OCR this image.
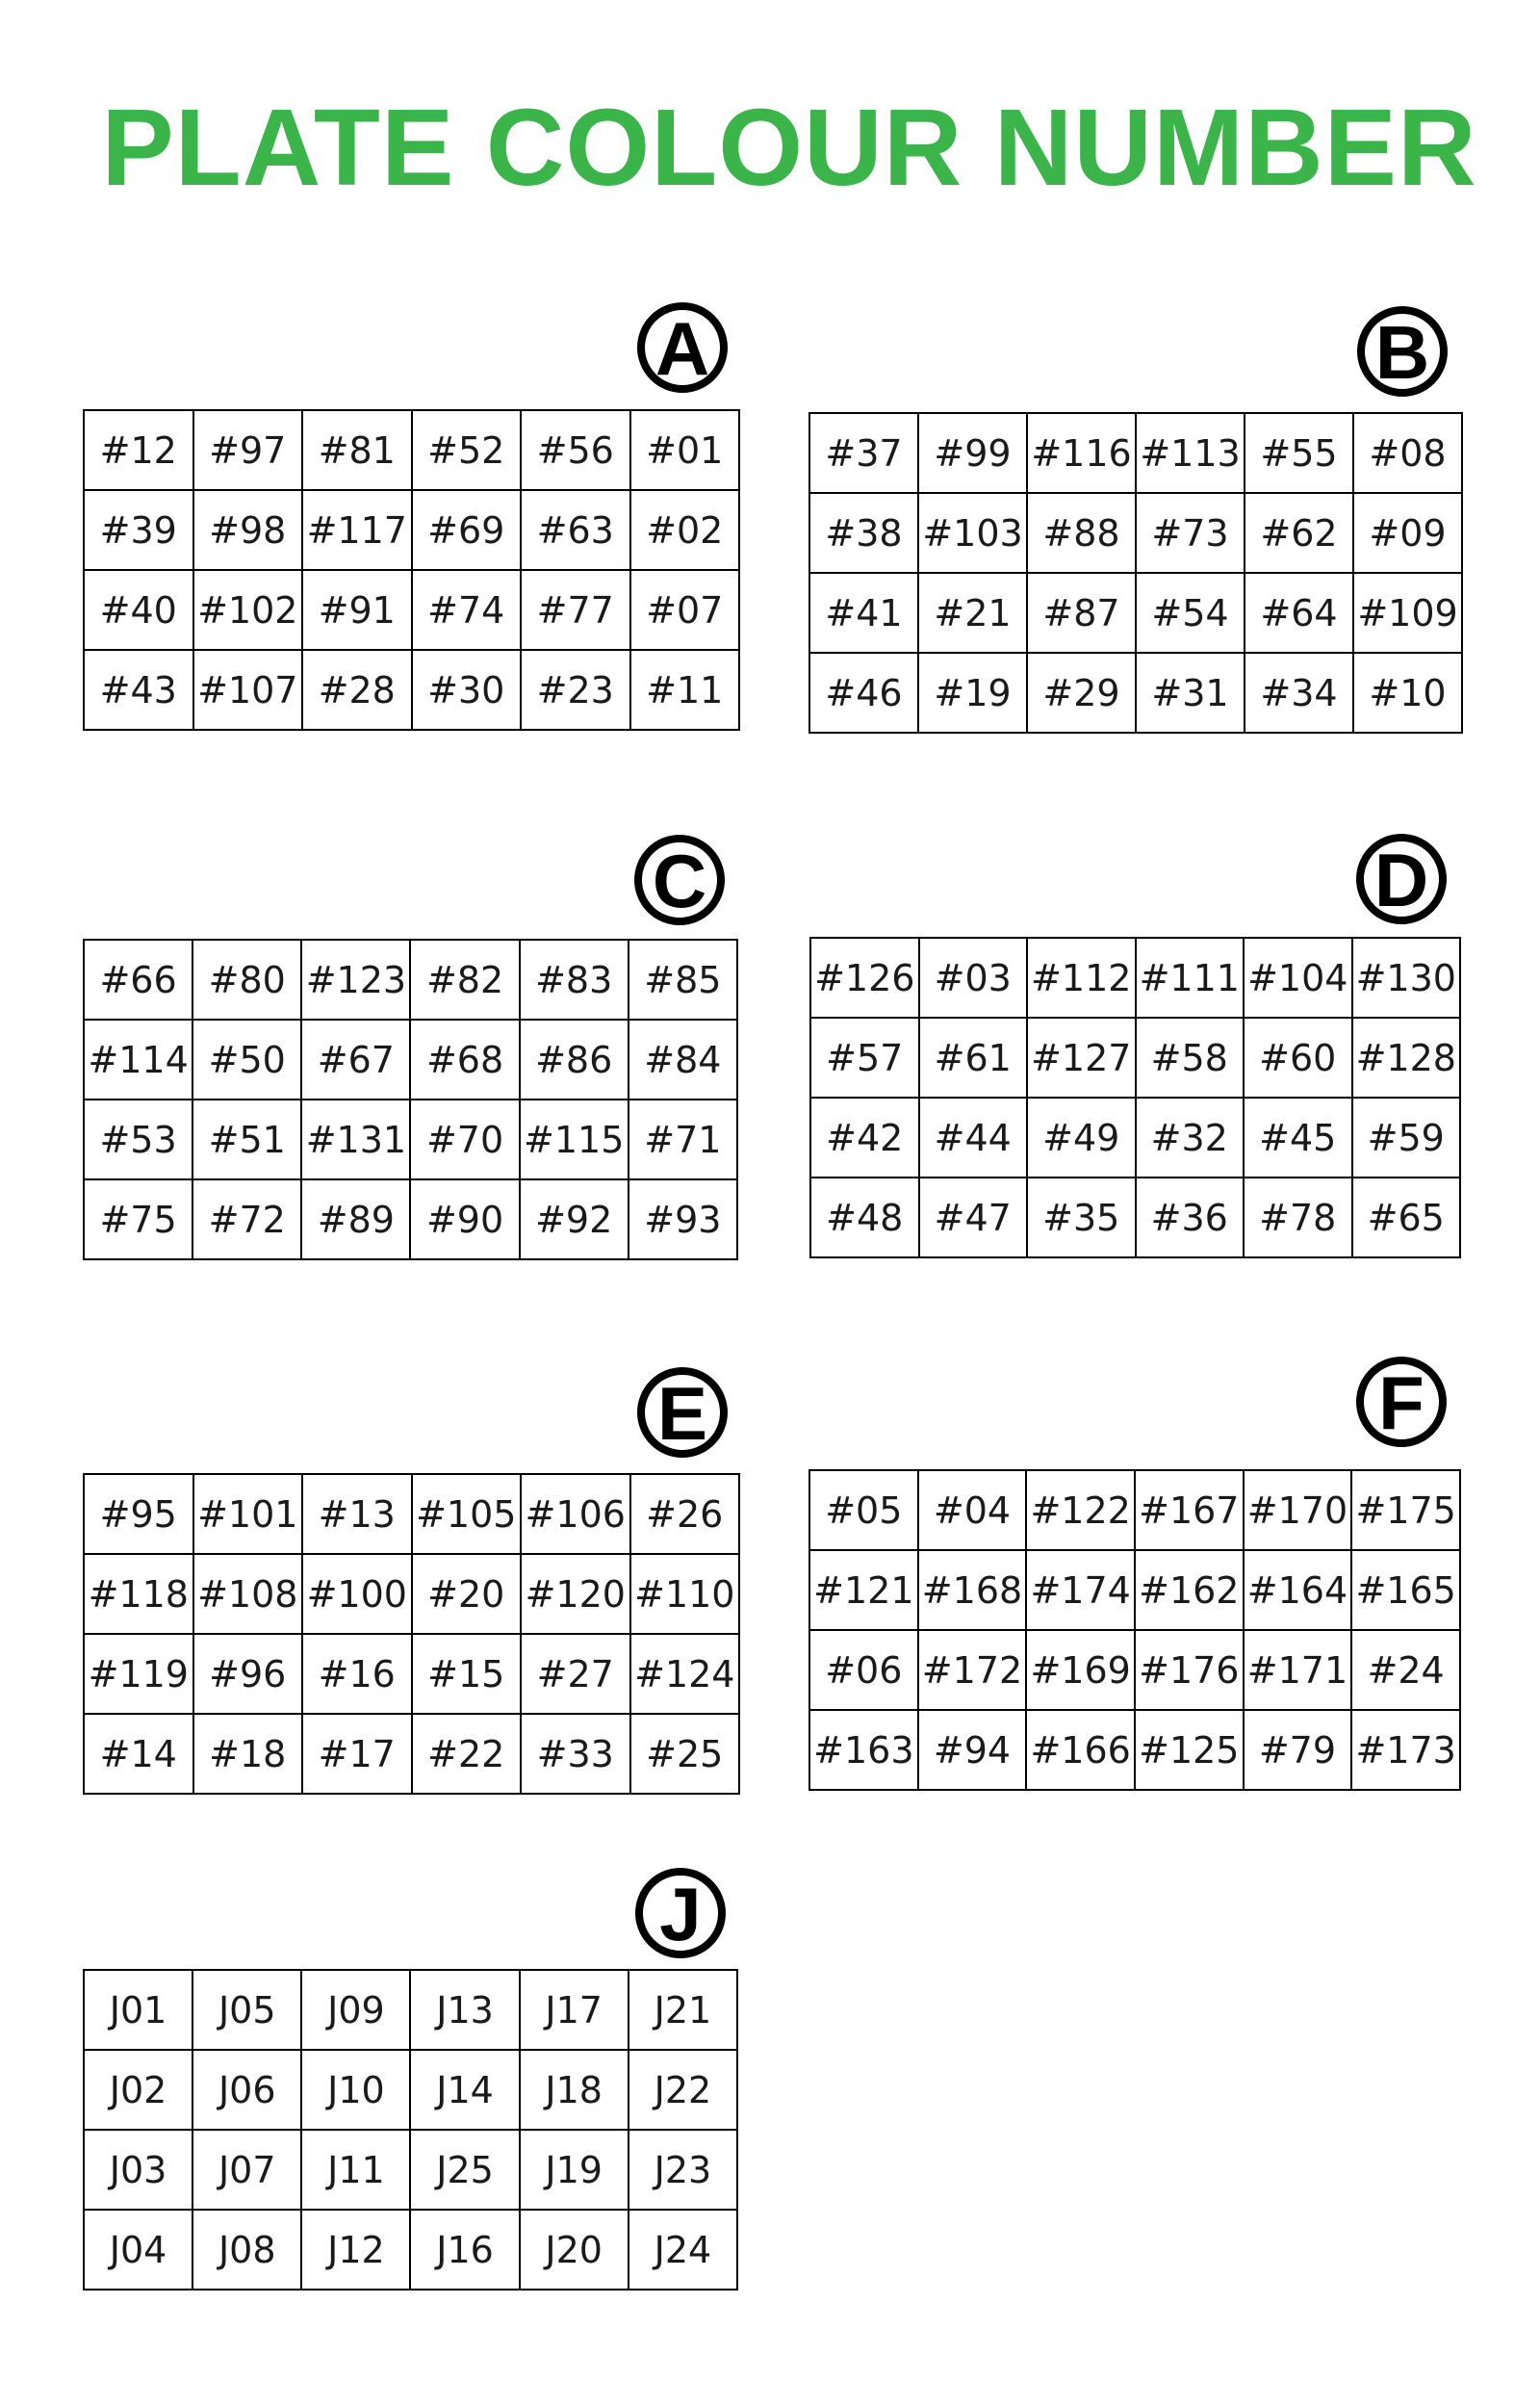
PLATE COLOUR NUMBER
A
#12	#97	#81	#52	#56	#01
#39	#98	#117	#69	#63	#02
#40	#102	#91	#74	#77	#07
#43	#107	#28	#30	#23	#11
B
#37	#99	#116	#113	#55	#08
#38	#103	#88	#73	#62	#09
#41	#21	#87	#54	#64	#109
#46	#19	#29	#31	#34	#10
C
#66	#80	#123	#82	#83	#85
#114	#50	#67	#68	#86	#84
#53	#51	#131	#70	#115	#71
#75	#72	#89	#90	#92	#93
D
#126	#03	#112	#111	#104	#130
#57	#61	#127	#58	#60	#128
#42	#44	#49	#32	#45	#59
#48	#47	#35	#36	#78	#65
E
#95	#101	#13	#105	#106	#26
#118	#108	#100	#20	#120	#110
#119	#96	#16	#15	#27	#124
#14	#18	#17	#22	#33	#25
F
#05	#04	#122	#167	#170	#175
#121	#168	#174	#162	#164	#165
#06	#172	#169	#176	#171	#24
#163	#94	#166	#125	#79	#173
J
J01	J05	J09	J13	J17	J21
J02	J06	J10	J14	J18	J22
J03	J07	J11	J25	J19	J23
J04	J08	J12	J16	J20	J24
